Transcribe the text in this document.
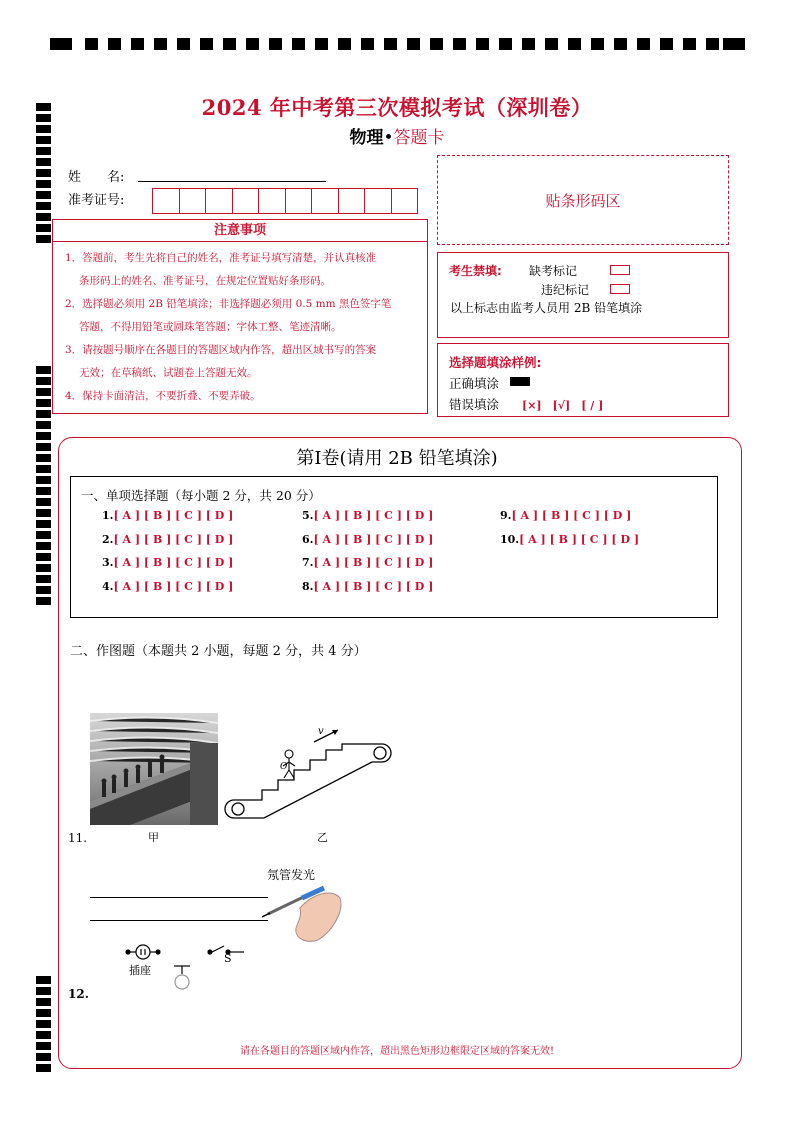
2024 年中考第三次模拟考试（深圳卷）
物理•答题卡
姓　　名:
准考证号:	贴条形码区
注意事项

1．答题前，考生先将自己的姓名，准考证号填写清楚，并认真核准

条形码上的姓名、准考证号，在规定位置贴好条形码。

2．选择题必须用 2B 铅笔填涂；非选择题必须用 0.5 mm 黑色签字笔

答题，不得用铅笔或圆珠笔答题；字体工整、笔迹清晰。

3．请按题号顺序在各题目的答题区域内作答，超出区域书写的答案

无效；在草稿纸、试题卷上答题无效。

4．保持卡面清洁，不要折叠、不要弄破。

考生禁填: 缺考标记
违纪标记
以上标志由监考人员用 2B 铅笔填涂
选择题填涂样例:
正确填涂
错误填涂 [×]　[√]　[ / ]
第Ⅰ卷(请用 2B 铅笔填涂)
一、单项选择题（每小题 2 分，共 20 分）
1.[ A ] [ B ] [ C ] [ D ]
2.[ A ] [ B ] [ C ] [ D ]
3.[ A ] [ B ] [ C ] [ D ]
4.[ A ] [ B ] [ C ] [ D ]
5.[ A ] [ B ] [ C ] [ D ]
6.[ A ] [ B ] [ C ] [ D ]
7.[ A ] [ B ] [ C ] [ D ]
8.[ A ] [ B ] [ C ] [ D ]
9.[ A ] [ B ] [ C ] [ D ]
10.[ A ] [ B ] [ C ] [ D ]
二、作图题（本题共 2 小题，每题 2 分，共 4 分）
甲
v
O
乙
11.
氖管发光
插座
S
12.
请在各题目的答题区域内作答，超出黑色矩形边框限定区域的答案无效!
